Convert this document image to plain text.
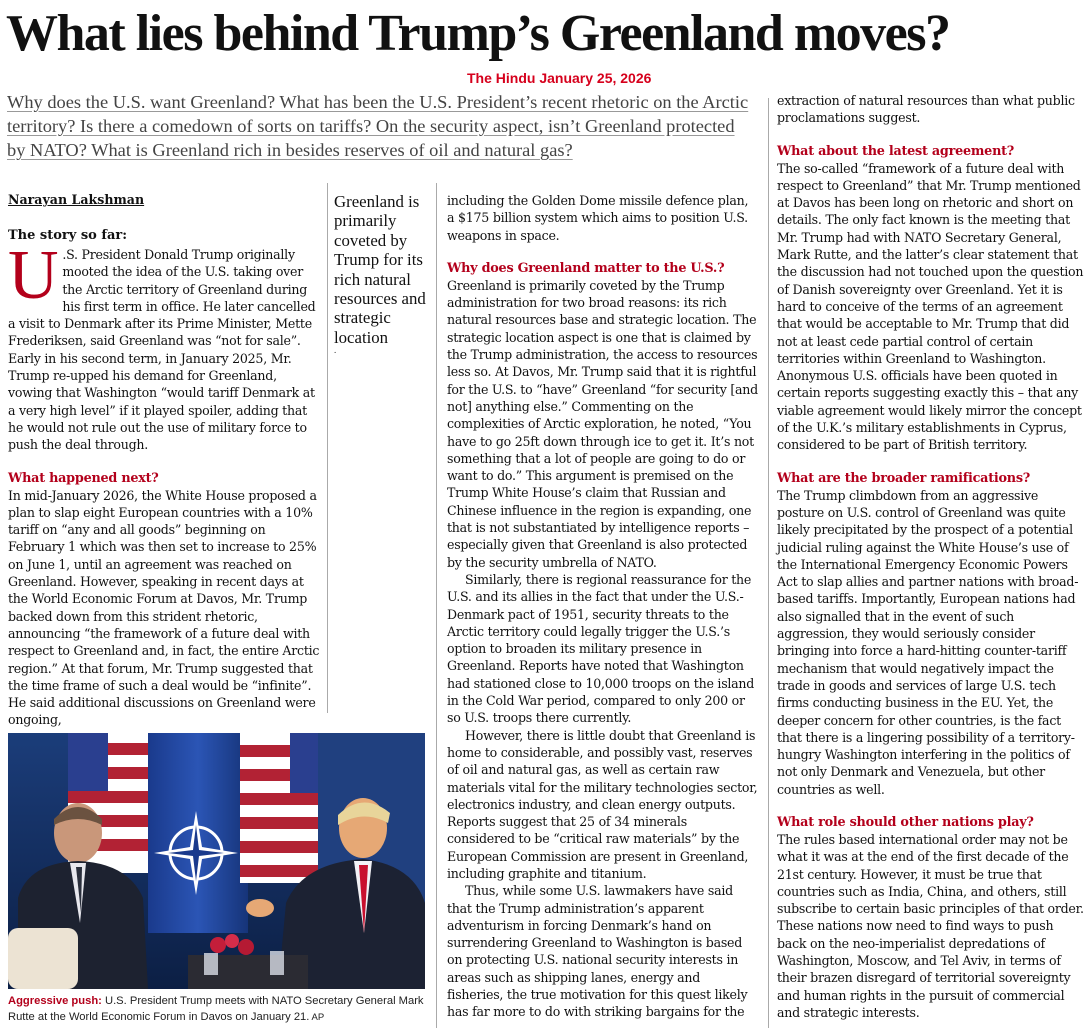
What lies behind Trump’s Greenland moves?
The Hindu January 25, 2026
Why does the U.S. want Greenland? What has been the U.S. President’s recent rhetoric on the Arctic territory? Is there a comedown of sorts on tariffs? On the security aspect, isn’t Greenland protected by NATO? What is Greenland rich in besides reserves of oil and natural gas?
Narayan Lakshman
The story so far:

U .S. President Donald Trump originally mooted the idea of the U.S. taking over the Arctic territory of Greenland during his first term in office. He later cancelled a visit to Denmark after its Prime Minister, Mette Frederiksen, said Greenland was “not for sale”. Early in his second term, in January 2025, Mr. Trump re-upped his demand for Greenland, vowing that Washington “would tariff Denmark at a very high level” if it played spoiler, adding that he would not rule out the use of military force to push the deal through.

What happened next?

In mid-January 2026, the White House proposed a plan to slap eight European countries with a 10% tariff on “any and all goods” beginning on February 1 which was then set to increase to 25% on June 1, until an agreement was reached on Greenland. However, speaking in recent days at the World Economic Forum at Davos, Mr. Trump backed down from this strident rhetoric, announcing “the framework of a future deal with respect to Greenland and, in fact, the entire Arctic region.” At that forum, Mr. Trump suggested that the time frame of such a deal would be “infinite”. He said additional discussions on Greenland were ongoing,

Greenland is primarily coveted by Trump for its rich natural resources and strategic location
.
Aggressive push: U.S. President Trump meets with NATO Secretary General Mark Rutte at the World Economic Forum in Davos on January 21. AP

including the Golden Dome missile defence plan, a $175 billion system which aims to position U.S. weapons in space.

Why does Greenland matter to the U.S.?

Greenland is primarily coveted by the Trump administration for two broad reasons: its rich natural resources base and strategic location. The strategic location aspect is one that is claimed by the Trump administration, the access to resources less so. At Davos, Mr. Trump said that it is rightful for the U.S. to “have” Greenland “for security [and not] anything else.” Commenting on the complexities of Arctic exploration, he noted, “You have to go 25ft down through ice to get it. It’s not something that a lot of people are going to do or want to do.” This argument is premised on the Trump White House’s claim that Russian and Chinese influence in the region is expanding, one that is not substantiated by intelligence reports – especially given that Greenland is also protected by the security umbrella of NATO.

Similarly, there is regional reassurance for the U.S. and its allies in the fact that under the U.S.-Denmark pact of 1951, security threats to the Arctic territory could legally trigger the U.S.’s option to broaden its military presence in Greenland. Reports have noted that Washington had stationed close to 10,000 troops on the island in the Cold War period, compared to only 200 or so U.S. troops there currently.

However, there is little doubt that Greenland is home to considerable, and possibly vast, reserves of oil and natural gas, as well as certain raw materials vital for the military technologies sector, electronics industry, and clean energy outputs. Reports suggest that 25 of 34 minerals considered to be “critical raw materials” by the European Commission are present in Greenland, including graphite and titanium.

Thus, while some U.S. lawmakers have said that the Trump administration’s apparent adventurism in forcing Denmark’s hand on surrendering Greenland to Washington is based on protecting U.S. national security interests in areas such as shipping lanes, energy and fisheries, the true motivation for this quest likely has far more to do with striking bargains for the

extraction of natural resources than what public proclamations suggest.

What about the latest agreement?

The so-called “framework of a future deal with respect to Greenland” that Mr. Trump mentioned at Davos has been long on rhetoric and short on details. The only fact known is the meeting that Mr. Trump had with NATO Secretary General, Mark Rutte, and the latter’s clear statement that the discussion had not touched upon the question of Danish sovereignty over Greenland. Yet it is hard to conceive of the terms of an agreement that would be acceptable to Mr. Trump that did not at least cede partial control of certain territories within Greenland to Washington. Anonymous U.S. officials have been quoted in certain reports suggesting exactly this – that any viable agreement would likely mirror the concept of the U.K.’s military establishments in Cyprus, considered to be part of British territory.

What are the broader ramifications?

The Trump climbdown from an aggressive posture on U.S. control of Greenland was quite likely precipitated by the prospect of a potential judicial ruling against the White House’s use of the International Emergency Economic Powers Act to slap allies and partner nations with broad-based tariffs. Importantly, European nations had also signalled that in the event of such aggression, they would seriously consider bringing into force a hard-hitting counter-tariff mechanism that would negatively impact the trade in goods and services of large U.S. tech firms conducting business in the EU. Yet, the deeper concern for other countries, is the fact that there is a lingering possibility of a territory-hungry Washington interfering in the politics of not only Denmark and Venezuela, but other countries as well.

What role should other nations play?

The rules based international order may not be what it was at the end of the first decade of the 21st century. However, it must be true that countries such as India, China, and others, still subscribe to certain basic principles of that order. These nations now need to find ways to push back on the neo-imperialist depredations of Washington, Moscow, and Tel Aviv, in terms of their brazen disregard of territorial sovereignty and human rights in the pursuit of commercial and strategic interests.
